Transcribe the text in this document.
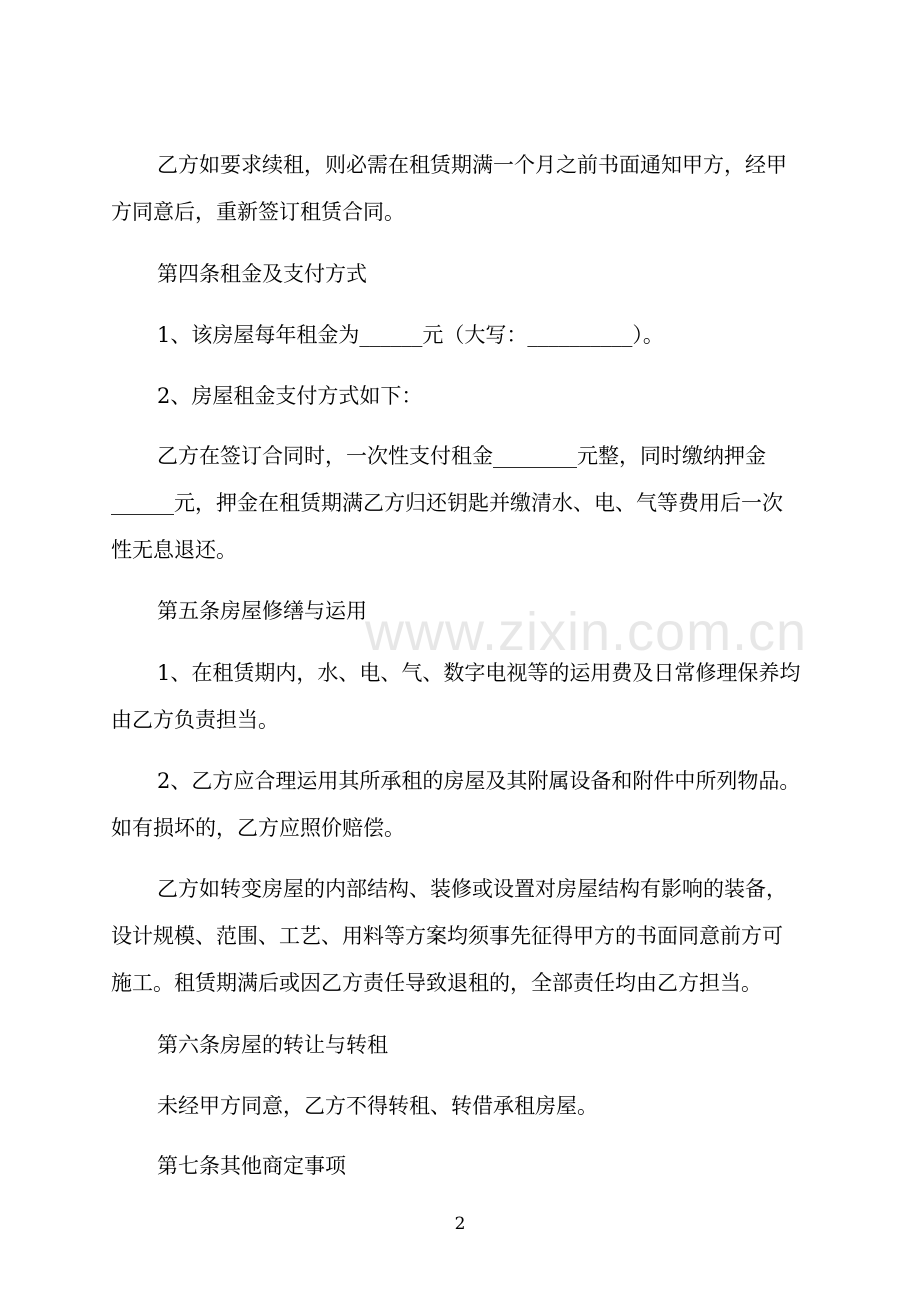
乙方如要求续租，则必需在租赁期满一个月之前书面通知甲方，经甲
方同意后，重新签订租赁合同。
第四条租金及支付方式
1、该房屋每年租金为______元（大写：__________）。
2、房屋租金支付方式如下：
乙方在签订合同时，一次性支付租金________元整，同时缴纳押金
______元，押金在租赁期满乙方归还钥匙并缴清水、电、气等费用后一次
性无息退还。
第五条房屋修缮与运用
1、在租赁期内，水、电、气、数字电视等的运用费及日常修理保养均
由乙方负责担当。
2、乙方应合理运用其所承租的房屋及其附属设备和附件中所列物品。
如有损坏的，乙方应照价赔偿。
乙方如转变房屋的内部结构、装修或设置对房屋结构有影响的装备，
设计规模、范围、工艺、用料等方案均须事先征得甲方的书面同意前方可
施工。租赁期满后或因乙方责任导致退租的，全部责任均由乙方担当。
第六条房屋的转让与转租
未经甲方同意，乙方不得转租、转借承租房屋。
第七条其他商定事项
www.zixin.com.cn
2
